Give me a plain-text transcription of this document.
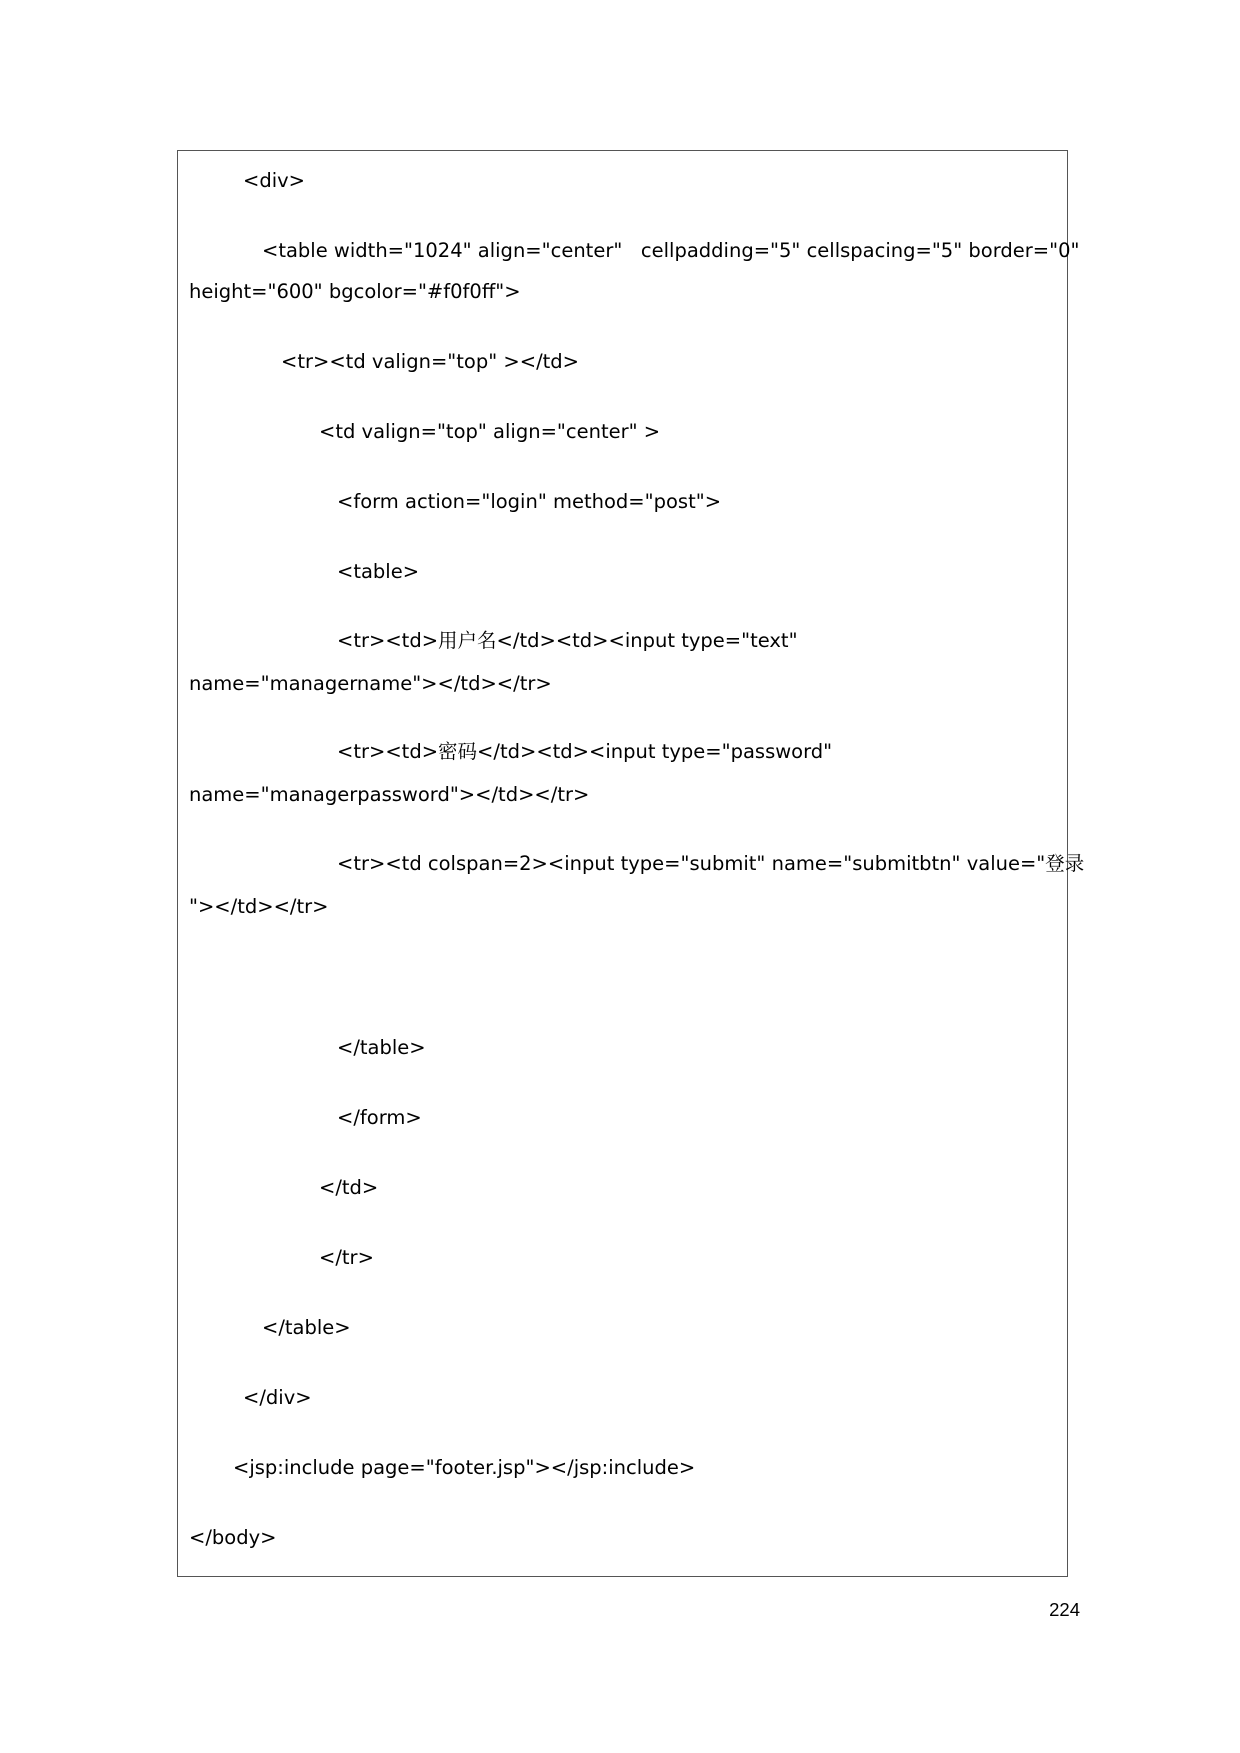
<div>
<table width="1024" align="center"   cellpadding="5" cellspacing="5" border="0"
height="600" bgcolor="#f0f0ff">
<tr><td valign="top" ></td>
<td valign="top" align="center" >
<form action="login" method="post">
<table>
<tr><td>用户名</td><td><input type="text"
name="managername"></td></tr>
<tr><td>密码</td><td><input type="password"
name="managerpassword"></td></tr>
<tr><td colspan=2><input type="submit" name="submitbtn" value="登录
"></td></tr>
</table>
</form>
</td>
</tr>
</table>
</div>
<jsp:include page="footer.jsp"></jsp:include>
</body>
224
